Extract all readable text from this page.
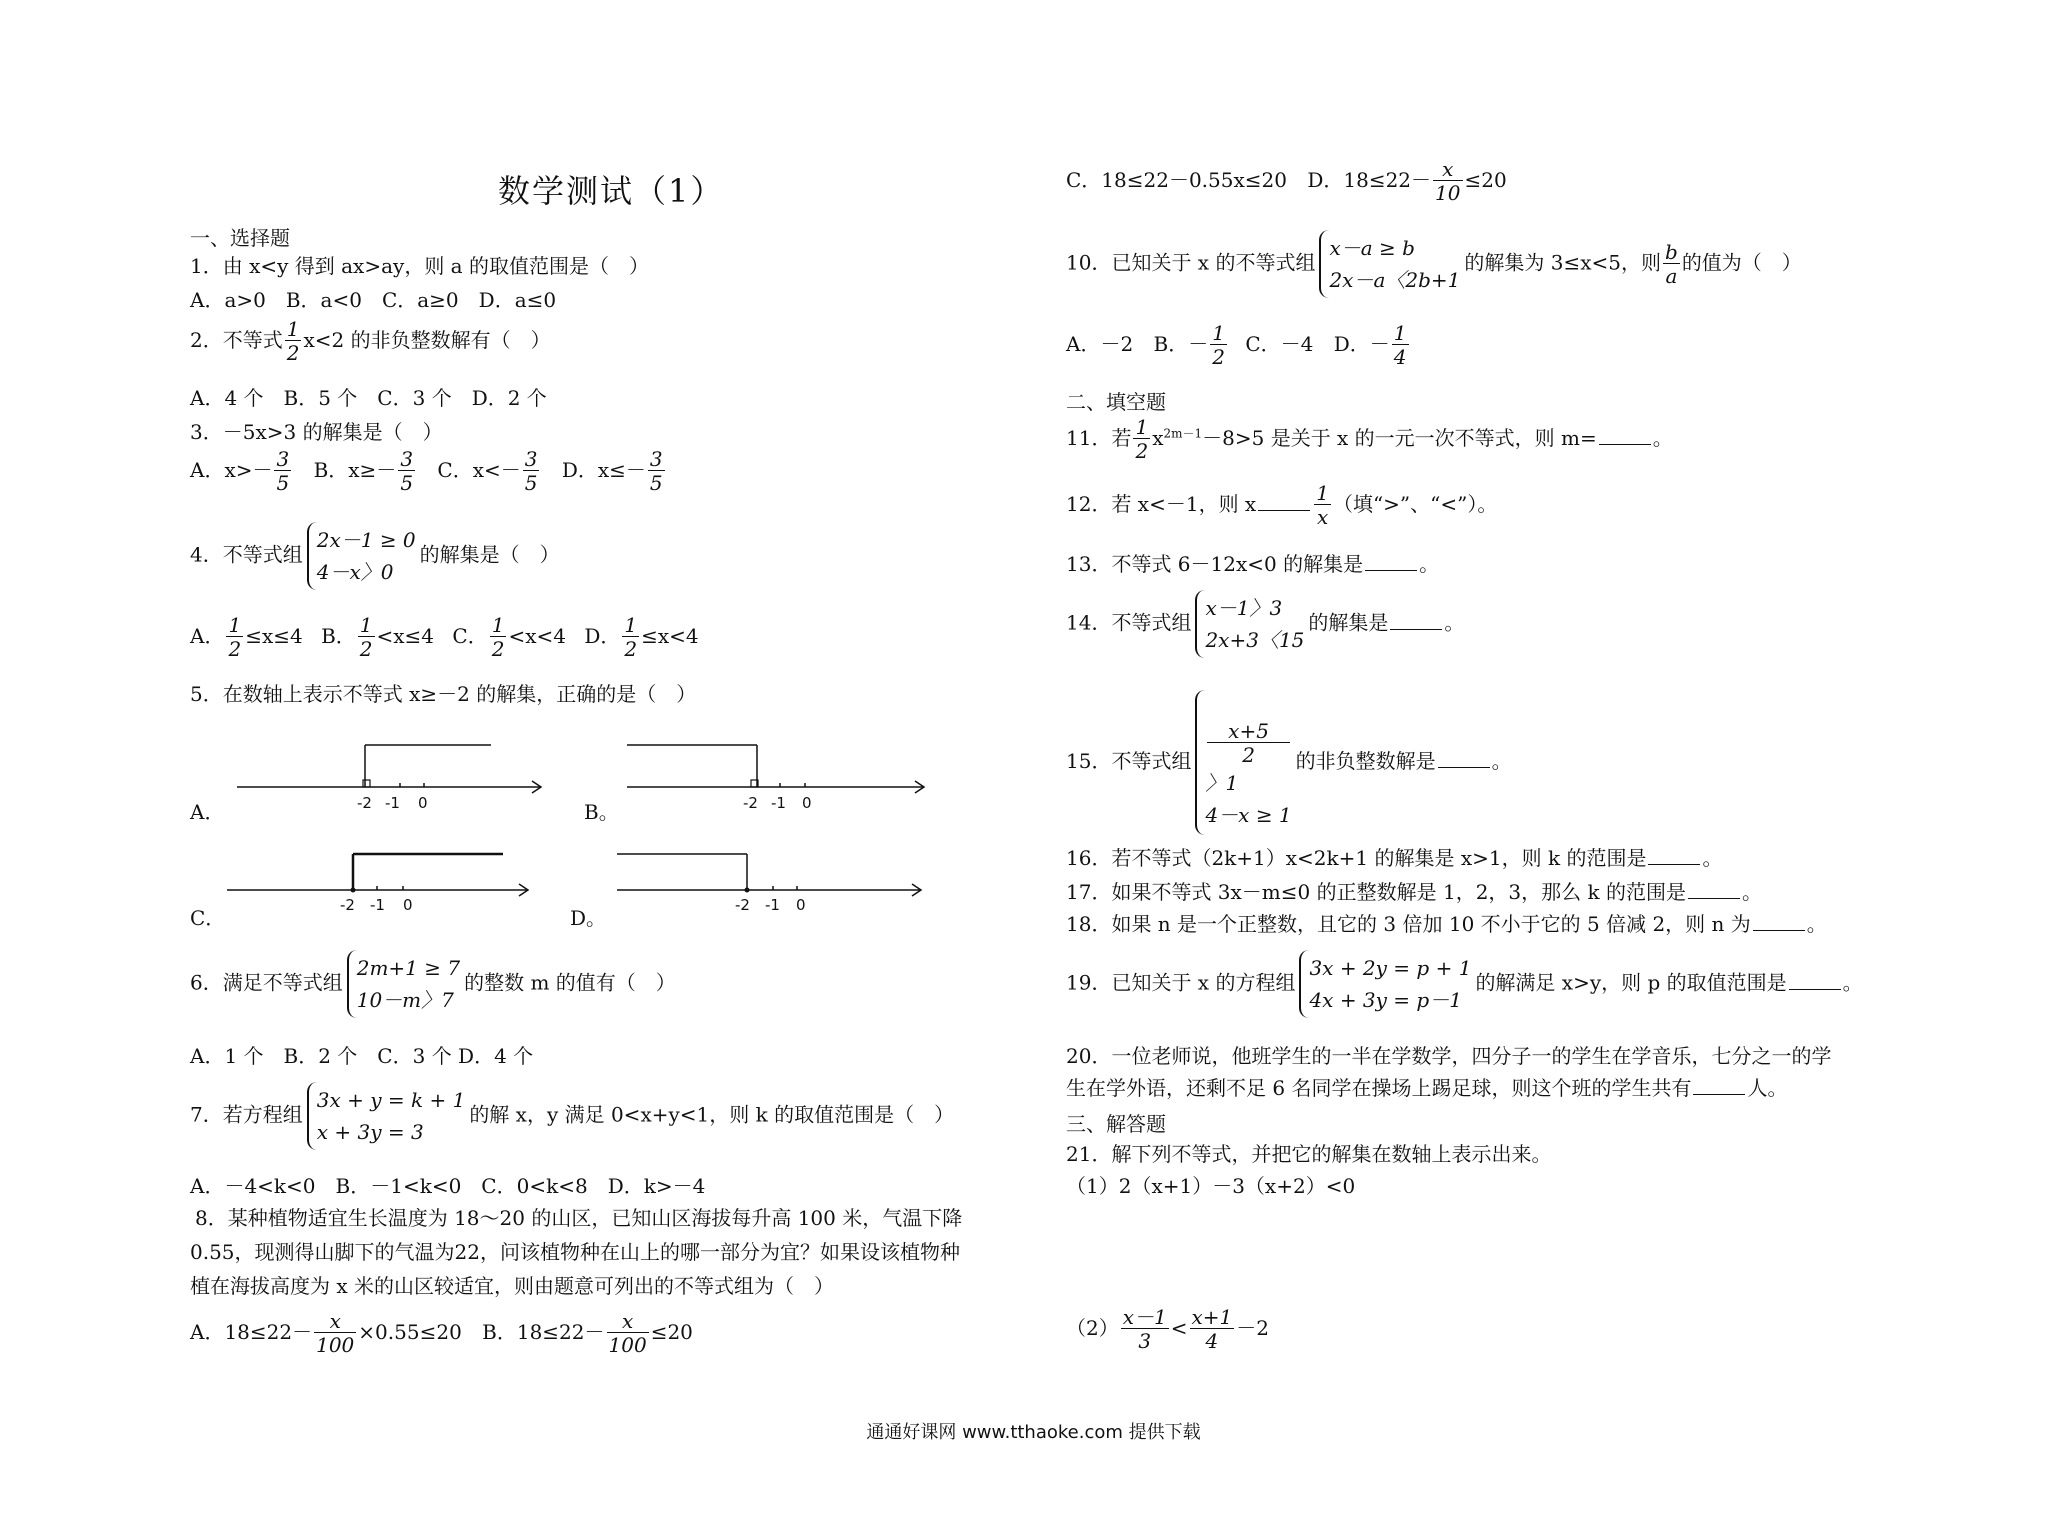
数学测试（1）
一、选择题
1．由 x<y 得到 ax>ay，则 a 的取值范围是（　）
A．a>0　B．a<0　C．a≥0　D．a≤0
2．不等式 $\frac{1}{2} x<2$ 的非负整数解有（　）
A．4 个　B．5 个　C．3 个　D．2 个
3．－5x>3 的解集是（　）
A．$x>- \frac{3}{5}$ B．$x\ge- \frac{3}{5}$ C．$x<- \frac{3}{5}$ D．$x\le- \frac{3}{5}$
4．不等式组
2x－1 ≥ 0
4－x〉0
的解集是（　）
A． $\frac{1}{2} \le x\le 4$ B． $\frac{1}{2} <x\le 4$ C． $\frac{1}{2} <x<4$ D． $\frac{1}{2} \le x<4$
5．在数轴上表示不等式 x≥－2 的解集，正确的是（　）
A．	-2 -1 0	B。	-2 -1 0
C．
-2 -1 0
D。
-2 -1 0
6．满足不等式组
2m+1 ≥ 7
10－m〉7
的整数 m 的值有（　）
A．1 个　B．2 个　C．3 个 D．4 个
7．若方程组
3x + y = k + 1
x + 3y = 3
的解 x，y 满足 0<x+y<1，则 k 的取值范围是（　）
A．－4<k<0　B．－1<k<0　C．0<k<8　D．k>－4
8．某种植物适宜生长温度为 18～20 的山区，已知山区海拔每升高 100 米，气温下降
0.55，现测得山脚下的气温为22，问该植物种在山上的哪一部分为宜？如果设该植物种
植在海拔高度为 x 米的山区较适宜，则由题意可列出的不等式组为（　）
A．$18\le 22- \frac{x}{100} \times 0.55\le 20$ B．$18\le 22- \frac{x}{100} \le 20$
C．18≤22－0.55x≤20 D．$18\le 22- \frac{x}{10} \le 20$
10．已知关于 x 的不等式组
x－a ≥ b
2x－a〈2b+1
的解集为 3≤x<5，则 $\frac{b}{a}$ 的值为（　）
A．－2 B．－ $\frac{1}{2}$ C．－4 D．－ $\frac{1}{4}$
二、填空题
11．若 $\frac{1}{2} x^{2m-1}-8>5$ 是关于 x 的一元一次不等式，则 m=	。
12．若 x<－1，则 x	$\frac{1}{x}$ （填“>”、“<”）。
13．不等式 6－12x<0 的解集是	。
14．不等式组
x－1〉3
2x+3〈15
的解集是	。
15．不等式组
x+5
2
〉1
4－x ≥ 1
的非负整数解是	。
16．若不等式（2k+1）x<2k+1 的解集是 x>1，则 k 的范围是	。
17．如果不等式 3x－m≤0 的正整数解是 1，2，3，那么 k 的范围是	。
18．如果 n 是一个正整数，且它的 3 倍加 10 不小于它的 5 倍减 2，则 n 为	。
19．已知关于 x 的方程组
3x + 2y = p + 1
4x + 3y = p－1
的解满足 x>y，则 p 的取值范围是	。
20．一位老师说，他班学生的一半在学数学，四分子一的学生在学音乐，七分之一的学
生在学外语，还剩不足 6 名同学在操场上踢足球，则这个班的学生共有	人。
三、解答题
21．解下列不等式，并把它的解集在数轴上表示出来。
（1）2（x+1）－3（x+2）<0
$(2) \frac{x-1}{3} < \frac{x+1}{4} -2$
通通好课网 www.tthaoke.com 提供下载
